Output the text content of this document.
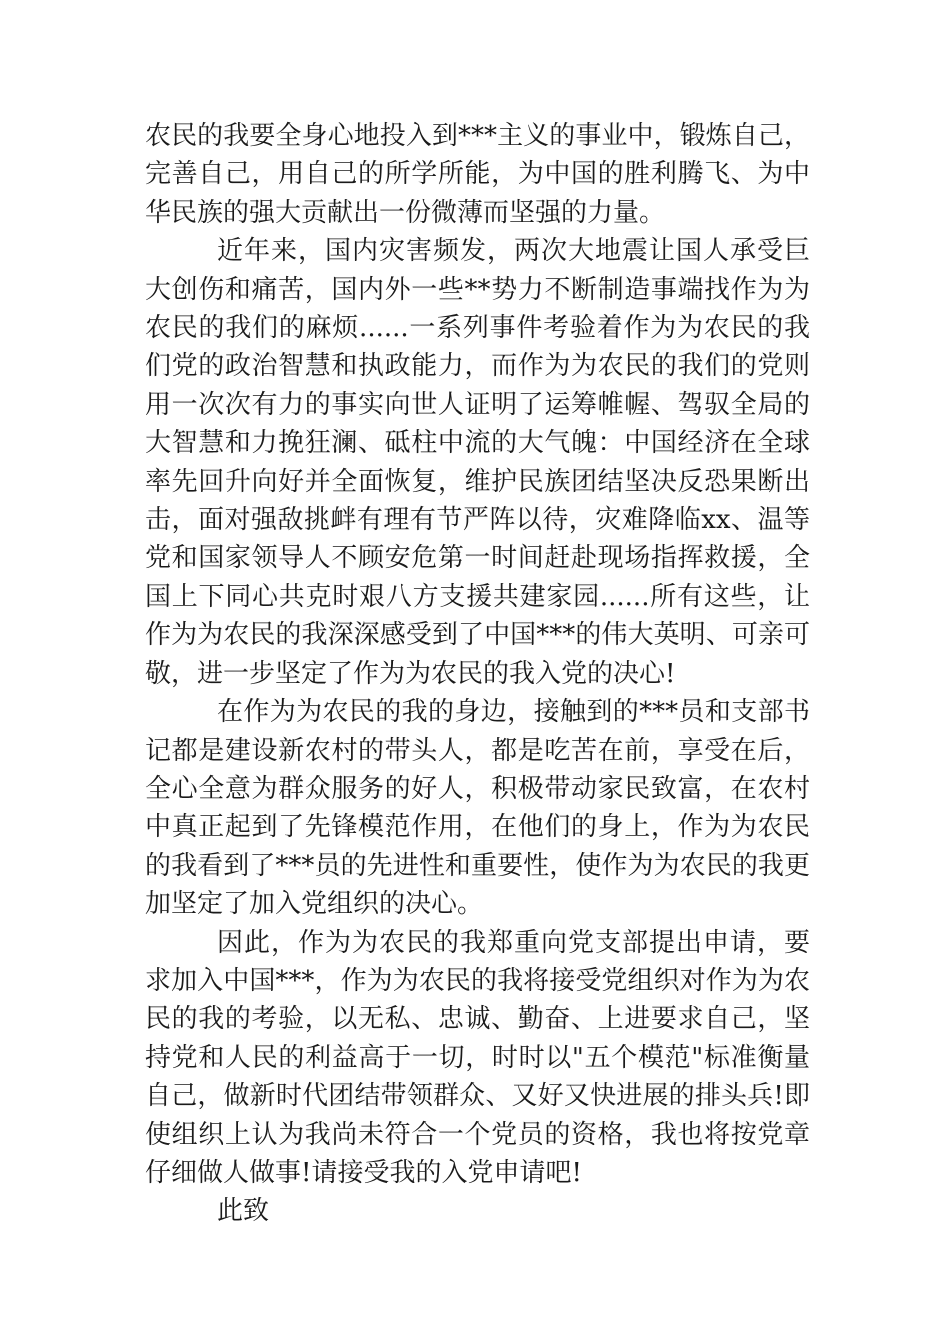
农民的我要全身心地投入到***主义的事业中，锻炼自己，完善自己，用自己的所学所能，为中国的胜利腾飞、为中华民族的强大贡献出一份微薄而坚强的力量。

近年来，国内灾害频发，两次大地震让国人承受巨大创伤和痛苦，国内外一些**势力不断制造事端找作为为农民的我们的麻烦......一系列事件考验着作为为农民的我们党的政治智慧和执政能力，而作为为农民的我们的党则用一次次有力的事实向世人证明了运筹帷幄、驾驭全局的大智慧和力挽狂澜、砥柱中流的大气魄：中国经济在全球率先回升向好并全面恢复，维护民族团结坚决反恐果断出击，面对强敌挑衅有理有节严阵以待，灾难降临xx、温等党和国家领导人不顾安危第一时间赶赴现场指挥救援，全国上下同心共克时艰八方支援共建家园......所有这些，让作为为农民的我深深感受到了中国***的伟大英明、可亲可敬，进一步坚定了作为为农民的我入党的决心!

在作为为农民的我的身边，接触到的***员和支部书记都是建设新农村的带头人，都是吃苦在前，享受在后，全心全意为群众服务的好人，积极带动家民致富，在农村中真正起到了先锋模范作用，在他们的身上，作为为农民的我看到了***员的先进性和重要性，使作为为农民的我更加坚定了加入党组织的决心。

因此，作为为农民的我郑重向党支部提出申请，要求加入中国***，作为为农民的我将接受党组织对作为为农民的我的考验，以无私、忠诚、勤奋、上进要求自己，坚持党和人民的利益高于一切，时时以"五个模范"标准衡量自己，做新时代团结带领群众、又好又快进展的排头兵!即使组织上认为我尚未符合一个党员的资格，我也将按党章仔细做人做事!请接受我的入党申请吧!

此致
